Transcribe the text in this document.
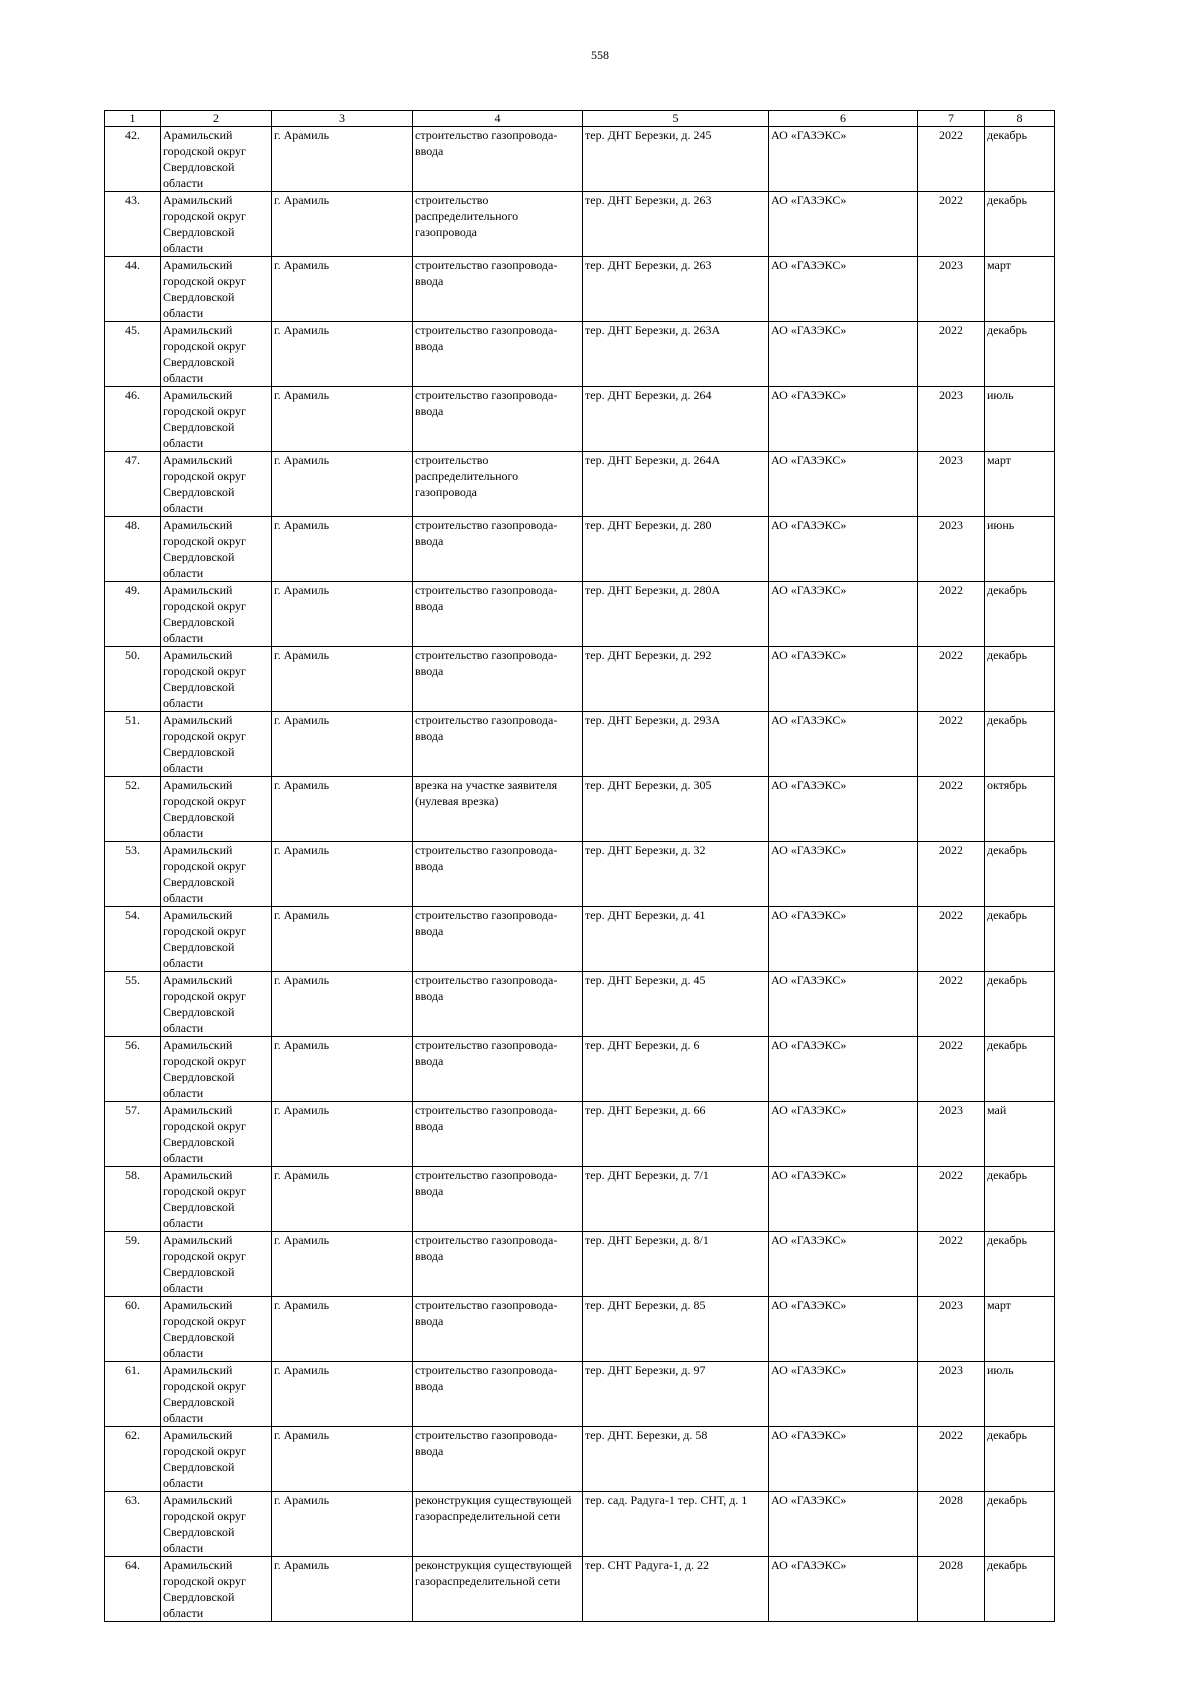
558
1	2	3	4	5	6	7	8
42.	Арамильский городской округ Свердловской области	г. Арамиль	строительство газопровода-ввода	тер. ДНТ Березки, д. 245	АО «ГАЗЭКС»	2022	декабрь
43.	Арамильский городской округ Свердловской области	г. Арамиль	строительство распределительного газопровода	тер. ДНТ Березки, д. 263	АО «ГАЗЭКС»	2022	декабрь
44.	Арамильский городской округ Свердловской области	г. Арамиль	строительство газопровода-ввода	тер. ДНТ Березки, д. 263	АО «ГАЗЭКС»	2023	март
45.	Арамильский городской округ Свердловской области	г. Арамиль	строительство газопровода-ввода	тер. ДНТ Березки, д. 263А	АО «ГАЗЭКС»	2022	декабрь
46.	Арамильский городской округ Свердловской области	г. Арамиль	строительство газопровода-ввода	тер. ДНТ Березки, д. 264	АО «ГАЗЭКС»	2023	июль
47.	Арамильский городской округ Свердловской области	г. Арамиль	строительство распределительного газопровода	тер. ДНТ Березки, д. 264А	АО «ГАЗЭКС»	2023	март
48.	Арамильский городской округ Свердловской области	г. Арамиль	строительство газопровода-ввода	тер. ДНТ Березки, д. 280	АО «ГАЗЭКС»	2023	июнь
49.	Арамильский городской округ Свердловской области	г. Арамиль	строительство газопровода-ввода	тер. ДНТ Березки, д. 280А	АО «ГАЗЭКС»	2022	декабрь
50.	Арамильский городской округ Свердловской области	г. Арамиль	строительство газопровода-ввода	тер. ДНТ Березки, д. 292	АО «ГАЗЭКС»	2022	декабрь
51.	Арамильский городской округ Свердловской области	г. Арамиль	строительство газопровода-ввода	тер. ДНТ Березки, д. 293А	АО «ГАЗЭКС»	2022	декабрь
52.	Арамильский городской округ Свердловской области	г. Арамиль	врезка на участке заявителя (нулевая врезка)	тер. ДНТ Березки, д. 305	АО «ГАЗЭКС»	2022	октябрь
53.	Арамильский городской округ Свердловской области	г. Арамиль	строительство газопровода-ввода	тер. ДНТ Березки, д. 32	АО «ГАЗЭКС»	2022	декабрь
54.	Арамильский городской округ Свердловской области	г. Арамиль	строительство газопровода-ввода	тер. ДНТ Березки, д. 41	АО «ГАЗЭКС»	2022	декабрь
55.	Арамильский городской округ Свердловской области	г. Арамиль	строительство газопровода-ввода	тер. ДНТ Березки, д. 45	АО «ГАЗЭКС»	2022	декабрь
56.	Арамильский городской округ Свердловской области	г. Арамиль	строительство газопровода-ввода	тер. ДНТ Березки, д. 6	АО «ГАЗЭКС»	2022	декабрь
57.	Арамильский городской округ Свердловской области	г. Арамиль	строительство газопровода-ввода	тер. ДНТ Березки, д. 66	АО «ГАЗЭКС»	2023	май
58.	Арамильский городской округ Свердловской области	г. Арамиль	строительство газопровода-ввода	тер. ДНТ Березки, д. 7/1	АО «ГАЗЭКС»	2022	декабрь
59.	Арамильский городской округ Свердловской области	г. Арамиль	строительство газопровода-ввода	тер. ДНТ Березки, д. 8/1	АО «ГАЗЭКС»	2022	декабрь
60.	Арамильский городской округ Свердловской области	г. Арамиль	строительство газопровода-ввода	тер. ДНТ Березки, д. 85	АО «ГАЗЭКС»	2023	март
61.	Арамильский городской округ Свердловской области	г. Арамиль	строительство газопровода-ввода	тер. ДНТ Березки, д. 97	АО «ГАЗЭКС»	2023	июль
62.	Арамильский городской округ Свердловской области	г. Арамиль	строительство газопровода-ввода	тер. ДНТ. Березки, д. 58	АО «ГАЗЭКС»	2022	декабрь
63.	Арамильский городской округ Свердловской области	г. Арамиль	реконструкция существующей газораспределительной сети	тер. сад. Радуга-1 тер. СНТ, д. 1	АО «ГАЗЭКС»	2028	декабрь
64.	Арамильский городской округ Свердловской области	г. Арамиль	реконструкция существующей газораспределительной сети	тер. СНТ Радуга-1, д. 22	АО «ГАЗЭКС»	2028	декабрь
